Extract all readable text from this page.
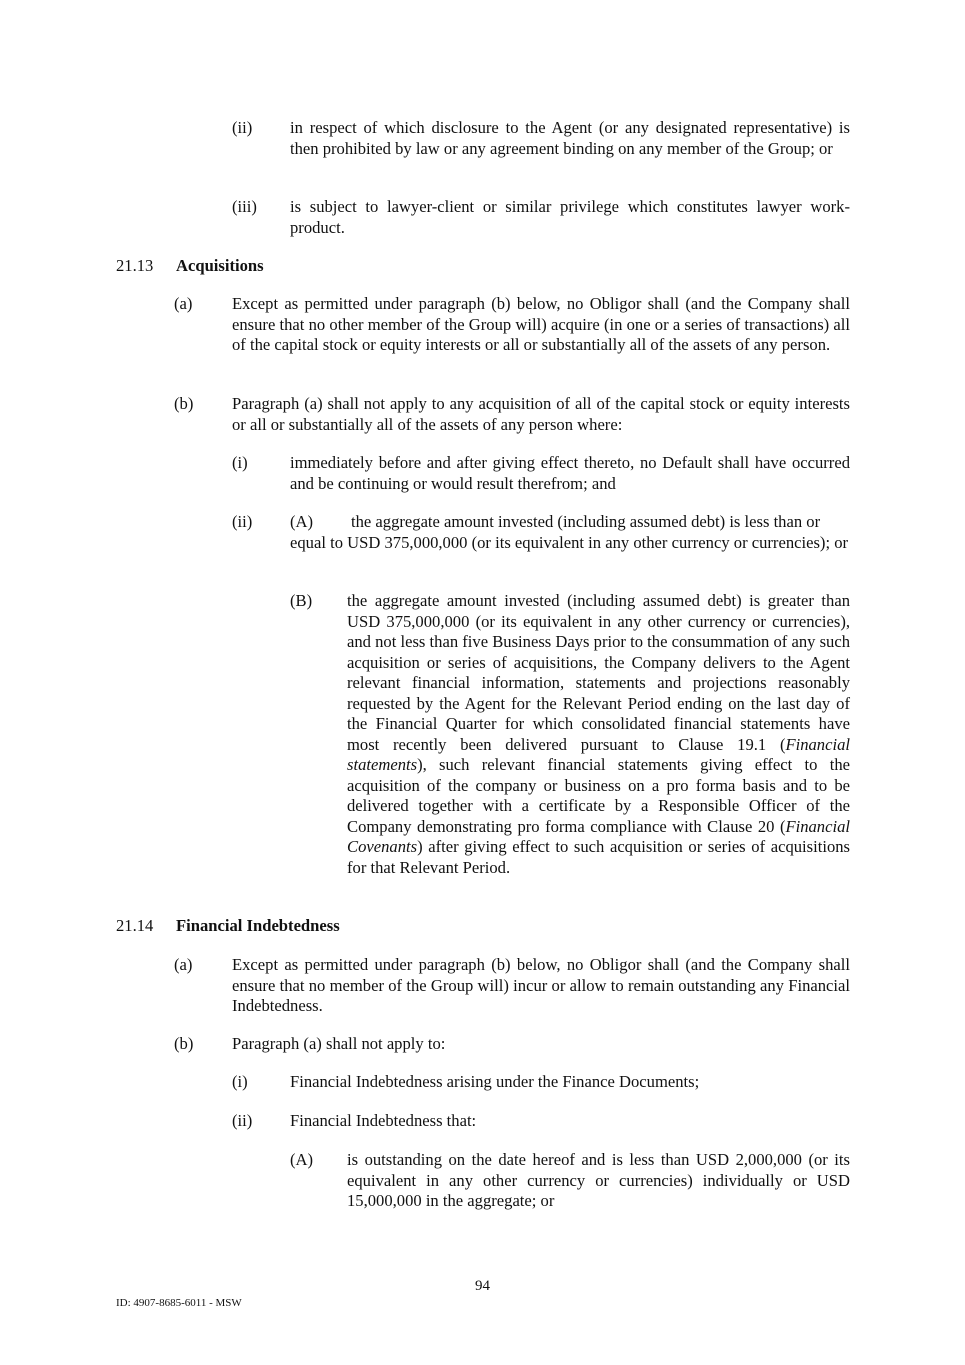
(ii) in respect of which disclosure to the Agent (or any designated representative) is then prohibited by law or any agreement binding on any member of the Group; or
(iii) is subject to lawyer-client or similar privilege which constitutes lawyer work-product.
21.13 Acquisitions
(a) Except as permitted under paragraph (b) below, no Obligor shall (and the Company shall ensure that no other member of the Group will) acquire (in one or a series of transactions) all of the capital stock or equity interests or all or substantially all of the assets of any person.
(b) Paragraph (a) shall not apply to any acquisition of all of the capital stock or equity interests or all or substantially all of the assets of any person where:
(i)	immediately before and after giving effect thereto, no Default shall have occurred and be continuing or would result therefrom; and
(ii) (A) the aggregate amount invested (including assumed debt) is less than or
equal to USD 375,000,000 (or its equivalent in any other currency or currencies); or
(B) the aggregate amount invested (including assumed debt) is greater than USD 375,000,000 (or its equivalent in any other currency or currencies), and not less than five Business Days prior to the consummation of any such acquisition or series of acquisitions, the Company delivers to the Agent relevant financial information, statements and projections reasonably requested by the Agent for the Relevant Period ending on the last day of the Financial Quarter for which consolidated financial statements have most recently been delivered pursuant to Clause 19.1 (Financial statements), such relevant financial statements giving effect to the acquisition of the company or business on a pro forma basis and to be delivered together with a certificate by a Responsible Officer of the Company demonstrating pro forma compliance with Clause 20 (Financial Covenants) after giving effect to such acquisition or series of acquisitions for that Relevant Period.
21.14 Financial Indebtedness
(a) Except as permitted under paragraph (b) below, no Obligor shall (and the Company shall ensure that no member of the Group will) incur or allow to remain outstanding any Financial Indebtedness.
(b) Paragraph (a) shall not apply to:
(i)	Financial Indebtedness arising under the Finance Documents;
(ii) Financial Indebtedness that:
(A) is outstanding on the date hereof and is less than USD 2,000,000 (or its equivalent in any other currency or currencies) individually or USD 15,000,000 in the aggregate; or
94
ID: 4907-8685-6011 - MSW
